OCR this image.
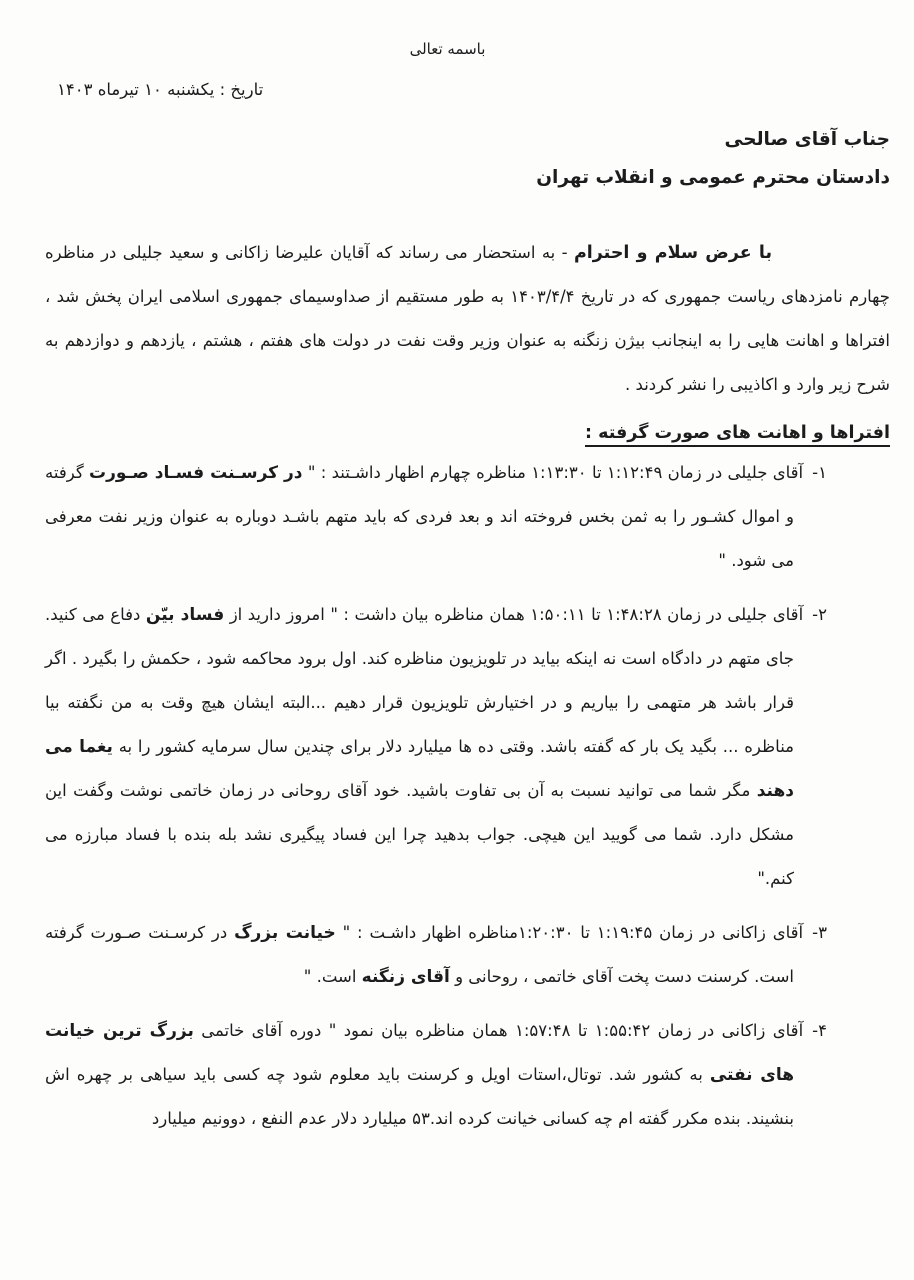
باسمه تعالی
تاریخ : یکشنبه ۱۰ تیرماه ۱۴۰۳
جناب آقای صالحی
دادستان محترم عمومی و انقلاب تهران

با عرض سلام و احترام - به استحضار می رساند که آقایان علیرضا زاکانی و سعید جلیلی در مناظره چهارم نامزدهای ریاست جمهوری که در تاریخ ۱۴۰۳/۴/۴ به طور مستقیم از صداوسیمای جمهوری اسلامی ایران پخش شد ، افتراها و اهانت هایی را به اینجانب بیژن زنگنه به عنوان وزیر وقت نفت در دولت های هفتم ، هشتم ، یازدهم و دوازدهم به شرح زیر وارد و اکاذیبی را نشر کردند .

افتراها و اهانت های صورت گرفته :

۱-آقای جلیلی در زمان ۱:۱۲:۴۹ تا ۱:۱۳:۳۰ مناظره چهارم اظهار داشـتند : " در کرسـنت فسـاد صـورت گرفته و اموال کشـور را به ثمن بخس فروخته اند و بعد فردی که باید متهم باشـد دوباره به عنوان وزیر نفت معرفی می شود. "

۲-آقای جلیلی در زمان ۱:۴۸:۲۸ تا ۱:۵۰:۱۱ همان مناظره بیان داشت : " امروز دارید از فساد بیّن دفاع می کنید. جای متهم در دادگاه است نه اینکه بیاید در تلویزیون مناظره کند. اول برود محاکمه شود ، حکمش را بگیرد . اگر قرار باشد هر متهمی را بیاریم و در اختیارش تلویزیون قرار دهیم ...البته ایشان هیچ وقت به من نگفته بیا مناظره ... بگید یک بار که گفته باشد. وقتی ده ها میلیارد دلار برای چندین سال سرمایه کشور را به یغما می دهند مگر شما می توانید نسبت به آن بی تفاوت باشید. خود آقای روحانی در زمان خاتمی نوشت وگفت این مشکل دارد. شما می گویید این هیچی. جواب بدهید چرا این فساد پیگیری نشد بله بنده با فساد مبارزه می کنم."

۳-آقای زاکانی در زمان ۱:۱۹:۴۵ تا ۱:۲۰:۳۰مناظره اظهار داشـت : " خیانت بزرگ در کرسـنت صـورت گرفته است. کرسنت دست پخت آقای خاتمی ، روحانی و آقای زنگنه است. "

۴-آقای زاکانی در زمان ۱:۵۵:۴۲ تا ۱:۵۷:۴۸ همان مناظره بیان نمود " دوره آقای خاتمی بزرگ ترین خیانت های نفتی به کشور شد. توتال،استات اویل و کرسنت باید معلوم شود چه کسی باید سیاهی بر چهره اش بنشیند. بنده مکرر گفته ام چه کسانی خیانت کرده اند.۵۳ میلیارد دلار عدم النفع ، دوونیم میلیارد
